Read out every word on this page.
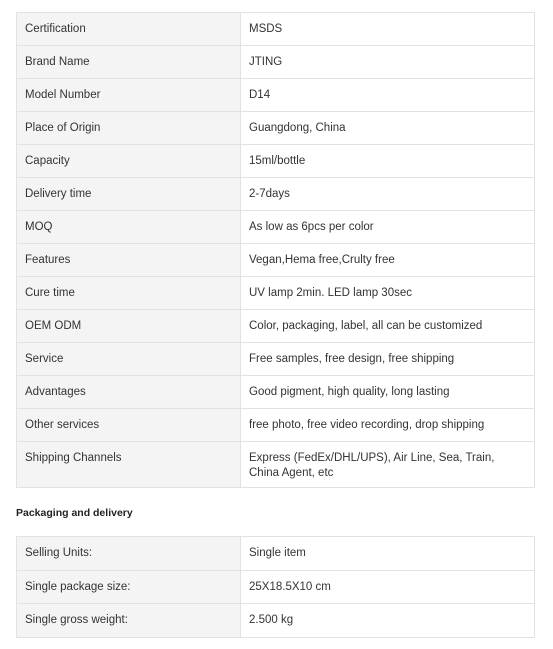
Certification	MSDS

Brand Name	JTING

Model Number	D14

Place of Origin	Guangdong, China

Capacity	15ml/bottle

Delivery time	2-7days

MOQ	As low as 6pcs per color

Features	Vegan,Hema free,Crulty free

Cure time	UV lamp 2min. LED lamp 30sec

OEM ODM	Color, packaging, label, all can be customized

Service	Free samples, free design, free shipping

Advantages	Good pigment, high quality, long lasting

Other services	free photo, free video recording, drop shipping

Shipping Channels	Express (FedEx/DHL/UPS), Air Line, Sea, Train, China Agent, etc
Packaging and delivery
Selling Units:	Single item

Single package size:	25X18.5X10 cm

Single gross weight:	2.500 kg
